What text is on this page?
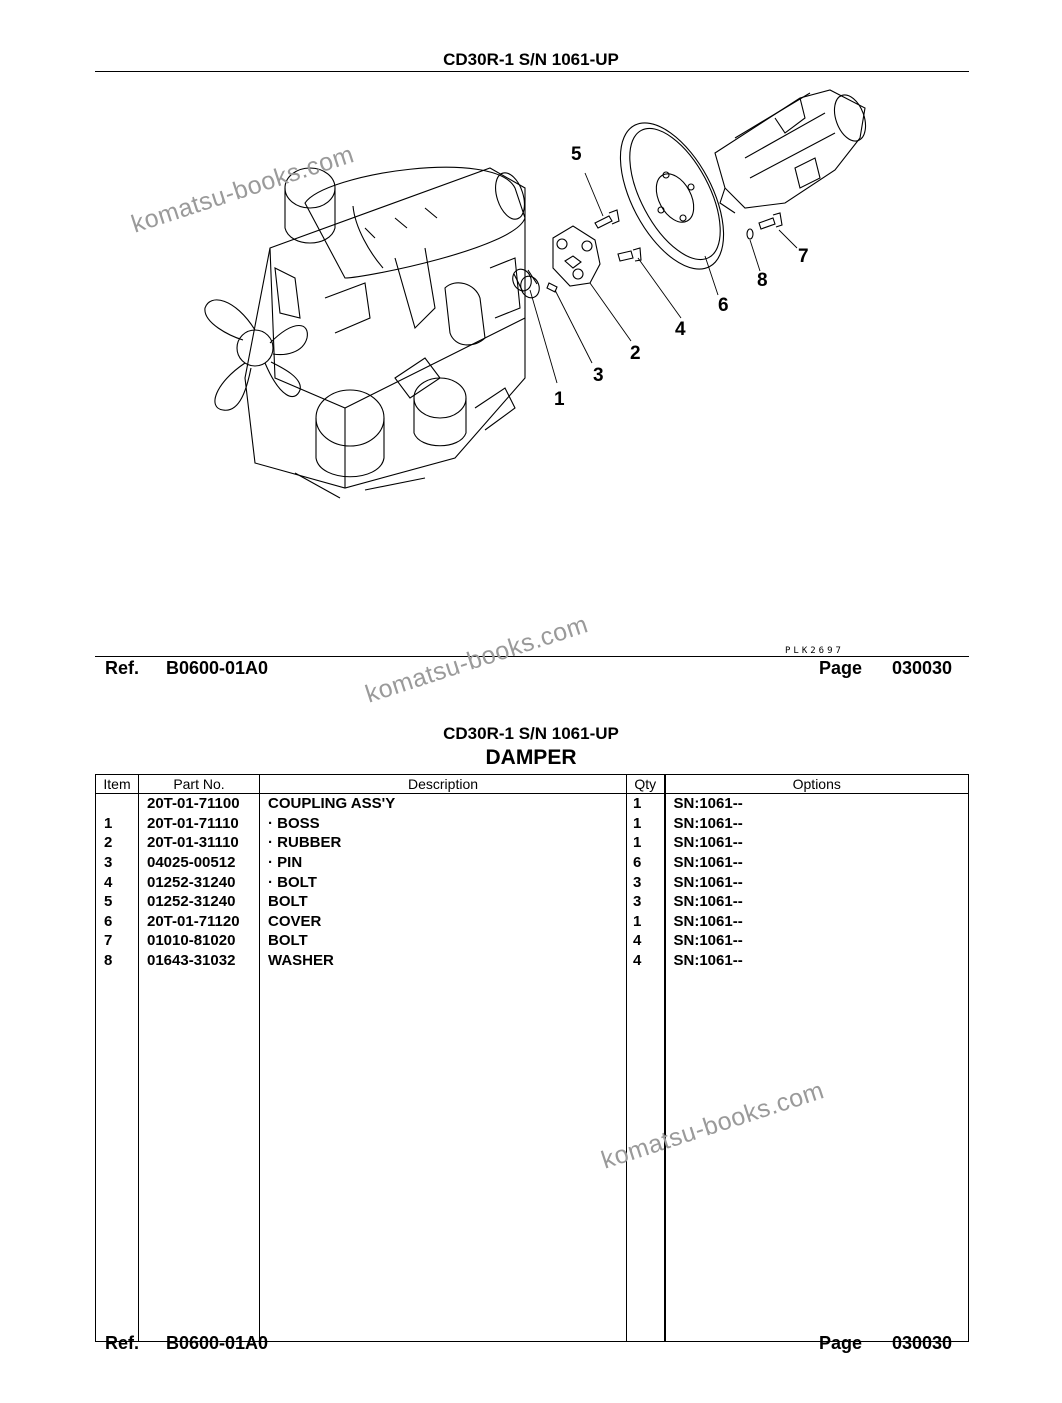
CD30R-1 S/N 1061-UP
1
2
3
4
5
6
7
8
PLK2697
Ref. B0600-01A0	Page 030030
CD30R-1 S/N 1061-UP
DAMPER
Item	Part No.	Description	Qty	Options
	20T-01-71100	COUPLING ASS'Y	1	SN:1061--
1	20T-01-71110	· BOSS	1	SN:1061--
2	20T-01-31110	· RUBBER	1	SN:1061--
3	04025-00512	· PIN	6	SN:1061--
4	01252-31240	· BOLT	3	SN:1061--
5	01252-31240	BOLT	3	SN:1061--
6	20T-01-71120	COVER	1	SN:1061--
7	01010-81020	BOLT	4	SN:1061--
8	01643-31032	WASHER	4	SN:1061--

Ref. B0600-01A0	Page 030030
komatsu-books.com
komatsu-books.com
komatsu-books.com
